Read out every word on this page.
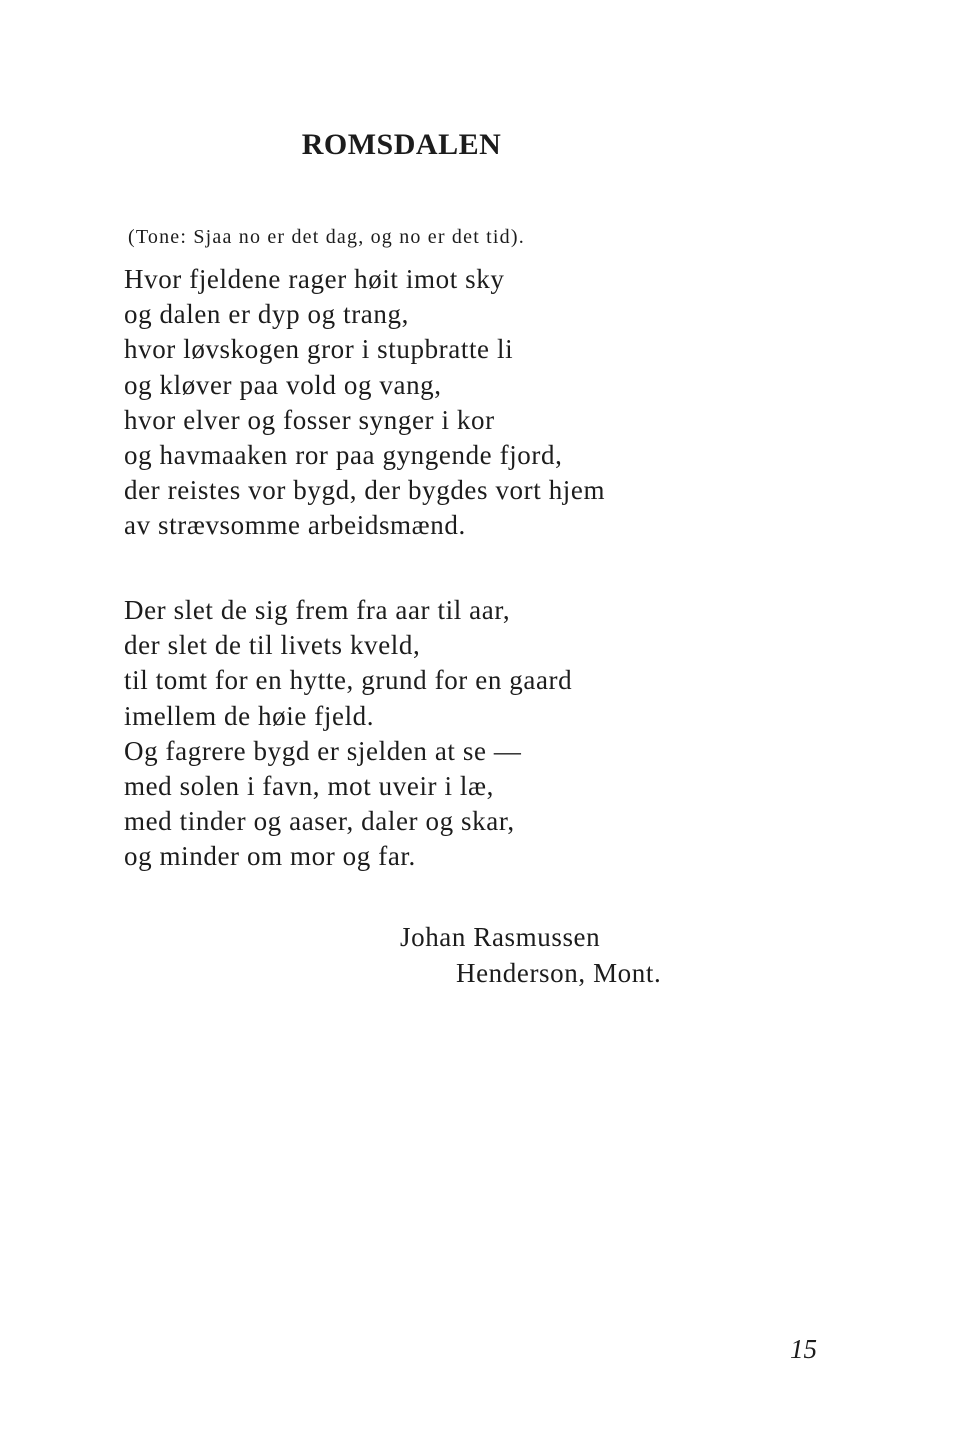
ROMSDALEN

(Tone: Sjaa no er det dag, og no er det tid).

Hvor fjeldene rager høit imot sky
og dalen er dyp og trang,
hvor løvskogen gror i stupbratte li
og kløver paa vold og vang,
hvor elver og fosser synger i kor
og havmaaken ror paa gyngende fjord,
der reistes vor bygd, der bygdes vort hjem
av strævsomme arbeidsmænd.
Der slet de sig frem fra aar til aar,
der slet de til livets kveld,
til tomt for en hytte, grund for en gaard
imellem de høie fjeld.
Og fagrere bygd er sjelden at se —
med solen i favn, mot uveir i læ,
med tinder og aaser, daler og skar,
og minder om mor og far.

Johan Rasmussen

Henderson, Mont.

15
